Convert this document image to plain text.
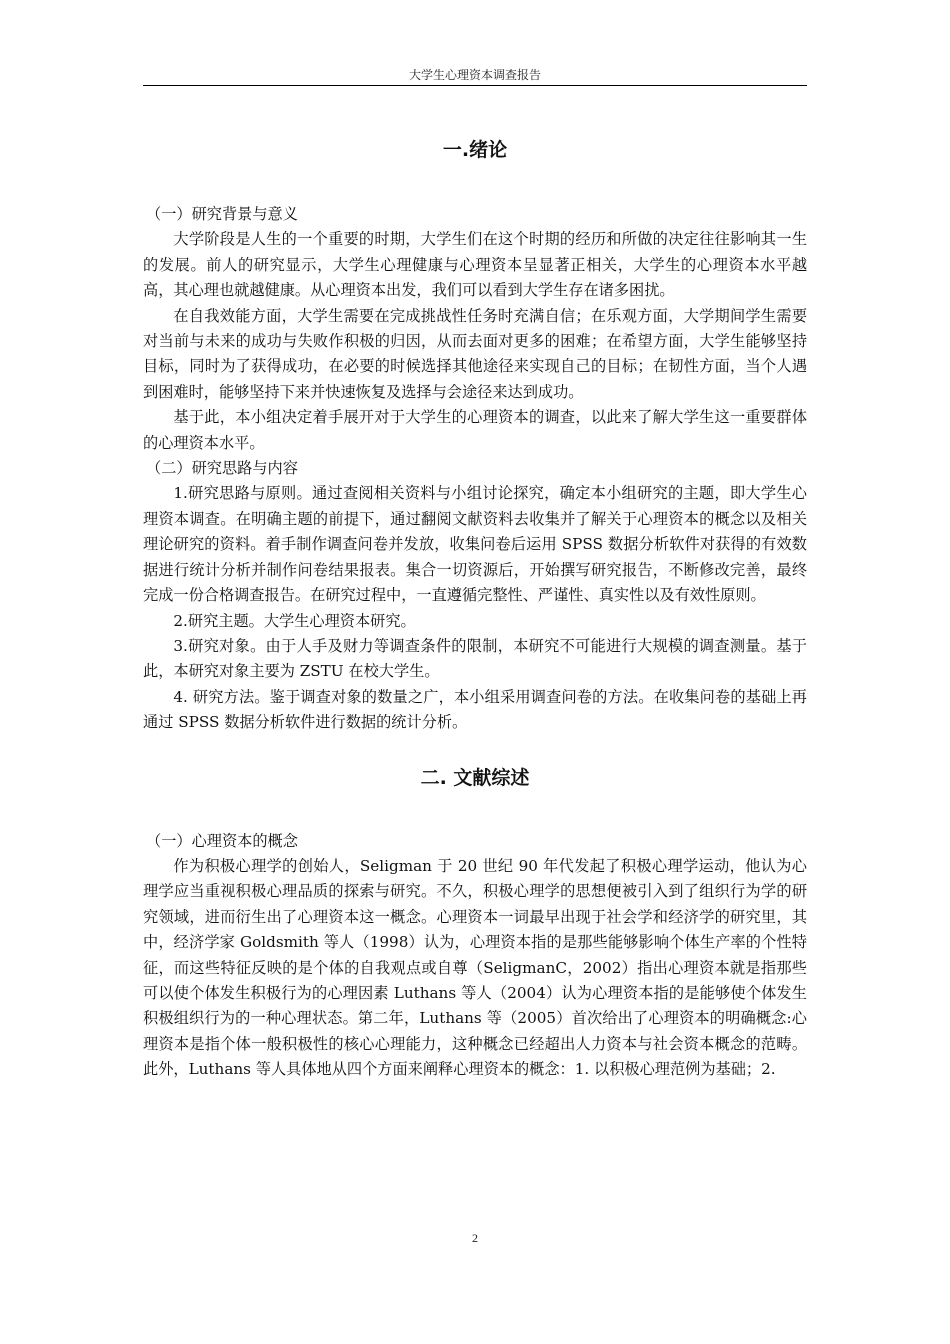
大学生心理资本调查报告
一.绪论

（一）研究背景与意义

大学阶段是人生的一个重要的时期，大学生们在这个时期的经历和所做的决定往往影响其一生的发展。前人的研究显示，大学生心理健康与心理资本呈显著正相关，大学生的心理资本水平越高，其心理也就越健康。从心理资本出发，我们可以看到大学生存在诸多困扰。

在自我效能方面，大学生需要在完成挑战性任务时充满自信；在乐观方面，大学期间学生需要对当前与未来的成功与失败作积极的归因，从而去面对更多的困难；在希望方面，大学生能够坚持目标，同时为了获得成功，在必要的时候选择其他途径来实现自己的目标；在韧性方面，当个人遇到困难时，能够坚持下来并快速恢复及选择与会途径来达到成功。

基于此，本小组决定着手展开对于大学生的心理资本的调查，以此来了解大学生这一重要群体的心理资本水平。

（二）研究思路与内容

1.研究思路与原则。通过查阅相关资料与小组讨论探究，确定本小组研究的主题，即大学生心理资本调查。在明确主题的前提下，通过翻阅文献资料去收集并了解关于心理资本的概念以及相关理论研究的资料。着手制作调查问卷并发放，收集问卷后运用 SPSS 数据分析软件对获得的有效数据进行统计分析并制作问卷结果报表。集合一切资源后，开始撰写研究报告，不断修改完善，最终完成一份合格调查报告。在研究过程中，一直遵循完整性、严谨性、真实性以及有效性原则。

2.研究主题。大学生心理资本研究。

3.研究对象。由于人手及财力等调查条件的限制，本研究不可能进行大规模的调查测量。基于此，本研究对象主要为 ZSTU 在校大学生。

4. 研究方法。鉴于调查对象的数量之广，本小组采用调查问卷的方法。在收集问卷的基础上再通过 SPSS 数据分析软件进行数据的统计分析。

二. 文献综述

（一）心理资本的概念

作为积极心理学的创始人，Seligman 于 20 世纪 90 年代发起了积极心理学运动，他认为心理学应当重视积极心理品质的探索与研究。不久，积极心理学的思想便被引入到了组织行为学的研究领域，进而衍生出了心理资本这一概念。心理资本一词最早出现于社会学和经济学的研究里，其中，经济学家 Goldsmith 等人（1998）认为，心理资本指的是那些能够影响个体生产率的个性特征，而这些特征反映的是个体的自我观点或自尊（SeligmanC，2002）指出心理资本就是指那些可以使个体发生积极行为的心理因素 Luthans 等人（2004）认为心理资本指的是能够使个体发生积极组织行为的一种心理状态。第二年，Luthans 等（2005）首次给出了心理资本的明确概念:心理资本是指个体一般积极性的核心心理能力，这种概念已经超出人力资本与社会资本概念的范畴。此外，Luthans 等人具体地从四个方面来阐释心理资本的概念：1. 以积极心理范例为基础；2.

2
